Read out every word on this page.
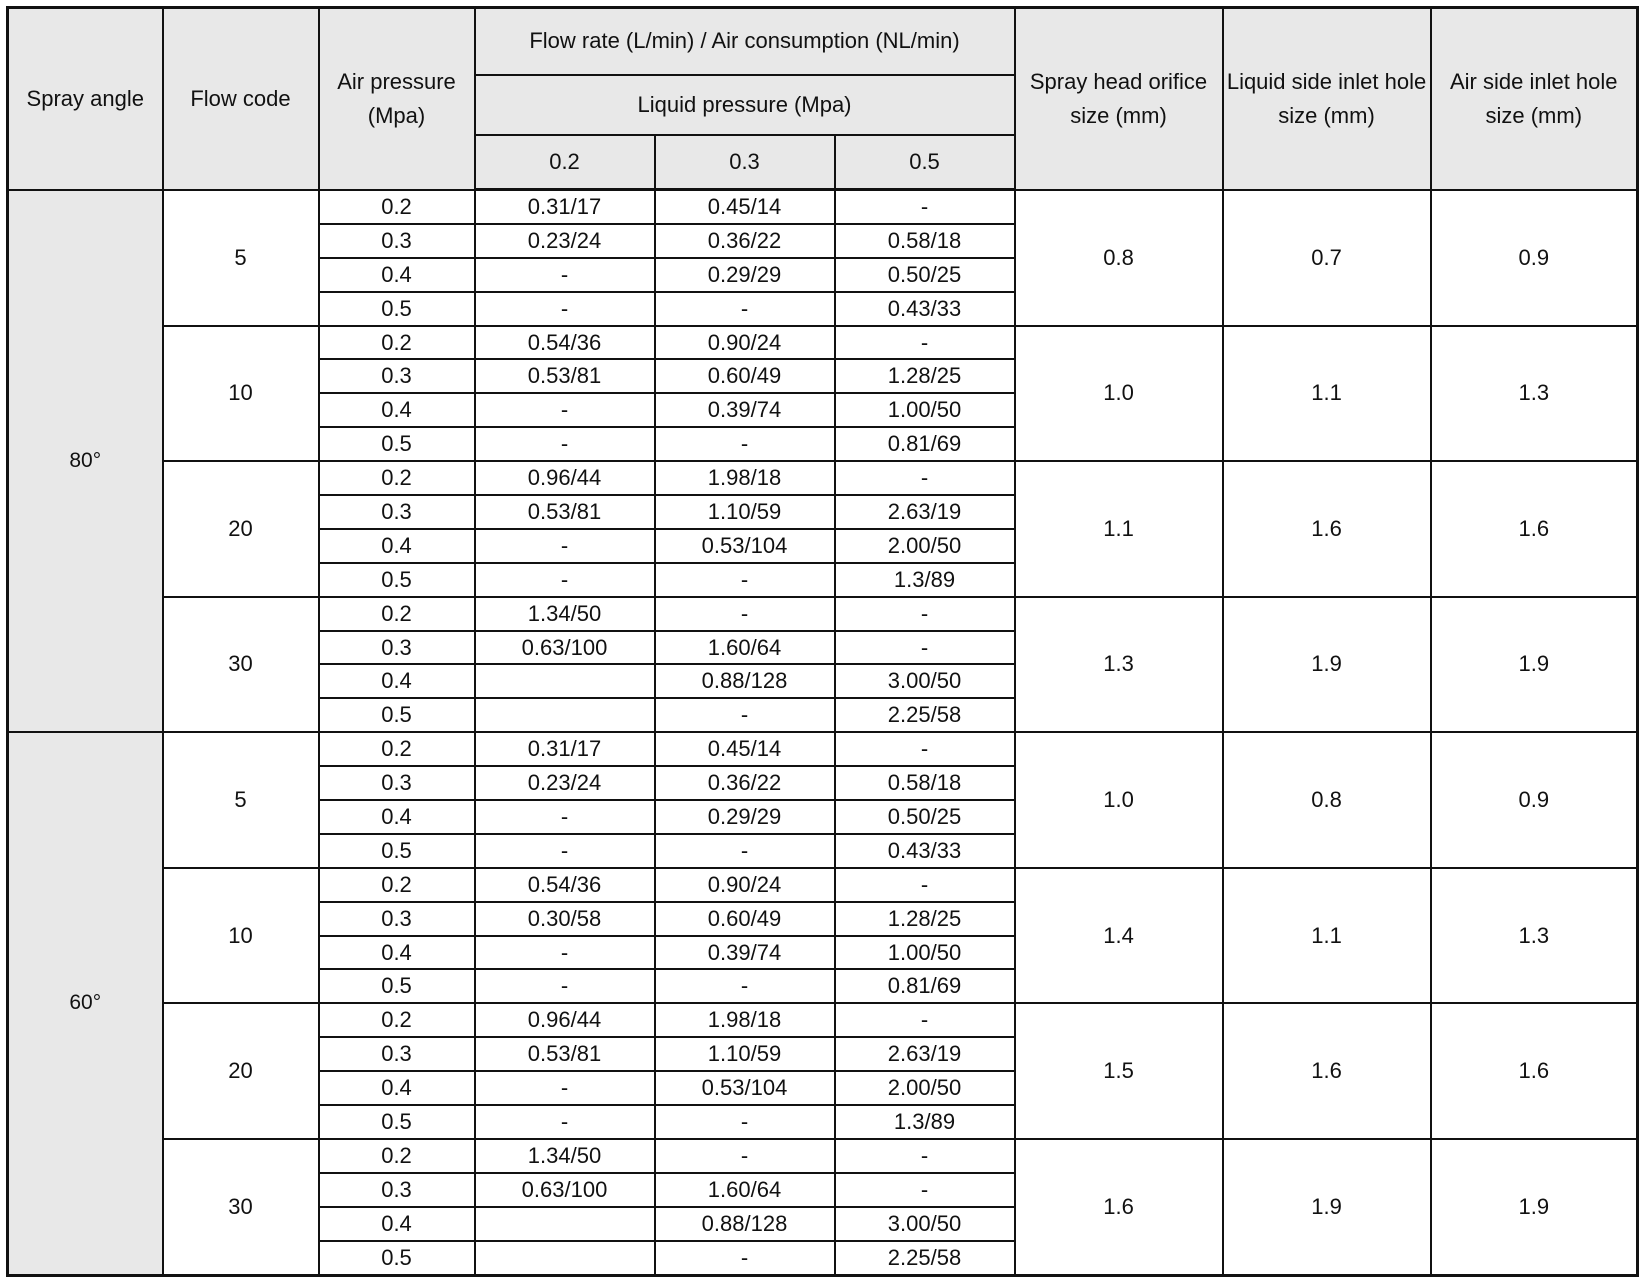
Spray angle	Flow code	Air pressure (Mpa)	Flow rate (L/min) / Air consumption (NL/min)			Spray head orifice size (mm)	Liquid side inlet hole size (mm)	Air side inlet hole size (mm)
			Liquid pressure (Mpa)					
			0.2	0.3	0.5			
80°	5	0.2	0.31/17	0.45/14	-	0.8	0.7	0.9
		0.3	0.23/24	0.36/22	0.58/18			
		0.4	-	0.29/29	0.50/25			
		0.5	-	-	0.43/33			
	10	0.2	0.54/36	0.90/24	-	1.0	1.1	1.3
		0.3	0.53/81	0.60/49	1.28/25			
		0.4	-	0.39/74	1.00/50			
		0.5	-	-	0.81/69			
	20	0.2	0.96/44	1.98/18	-	1.1	1.6	1.6
		0.3	0.53/81	1.10/59	2.63/19			
		0.4	-	0.53/104	2.00/50			
		0.5	-	-	1.3/89			
	30	0.2	1.34/50	-	-	1.3	1.9	1.9
		0.3	0.63/100	1.60/64	-			
		0.4		0.88/128	3.00/50			
		0.5		-	2.25/58			
60°	5	0.2	0.31/17	0.45/14	-	1.0	0.8	0.9
		0.3	0.23/24	0.36/22	0.58/18			
		0.4	-	0.29/29	0.50/25			
		0.5	-	-	0.43/33			
	10	0.2	0.54/36	0.90/24	-	1.4	1.1	1.3
		0.3	0.30/58	0.60/49	1.28/25			
		0.4	-	0.39/74	1.00/50			
		0.5	-	-	0.81/69			
	20	0.2	0.96/44	1.98/18	-	1.5	1.6	1.6
		0.3	0.53/81	1.10/59	2.63/19			
		0.4	-	0.53/104	2.00/50			
		0.5	-	-	1.3/89			
	30	0.2	1.34/50	-	-	1.6	1.9	1.9
		0.3	0.63/100	1.60/64	-			
		0.4		0.88/128	3.00/50			
		0.5		-	2.25/58			
